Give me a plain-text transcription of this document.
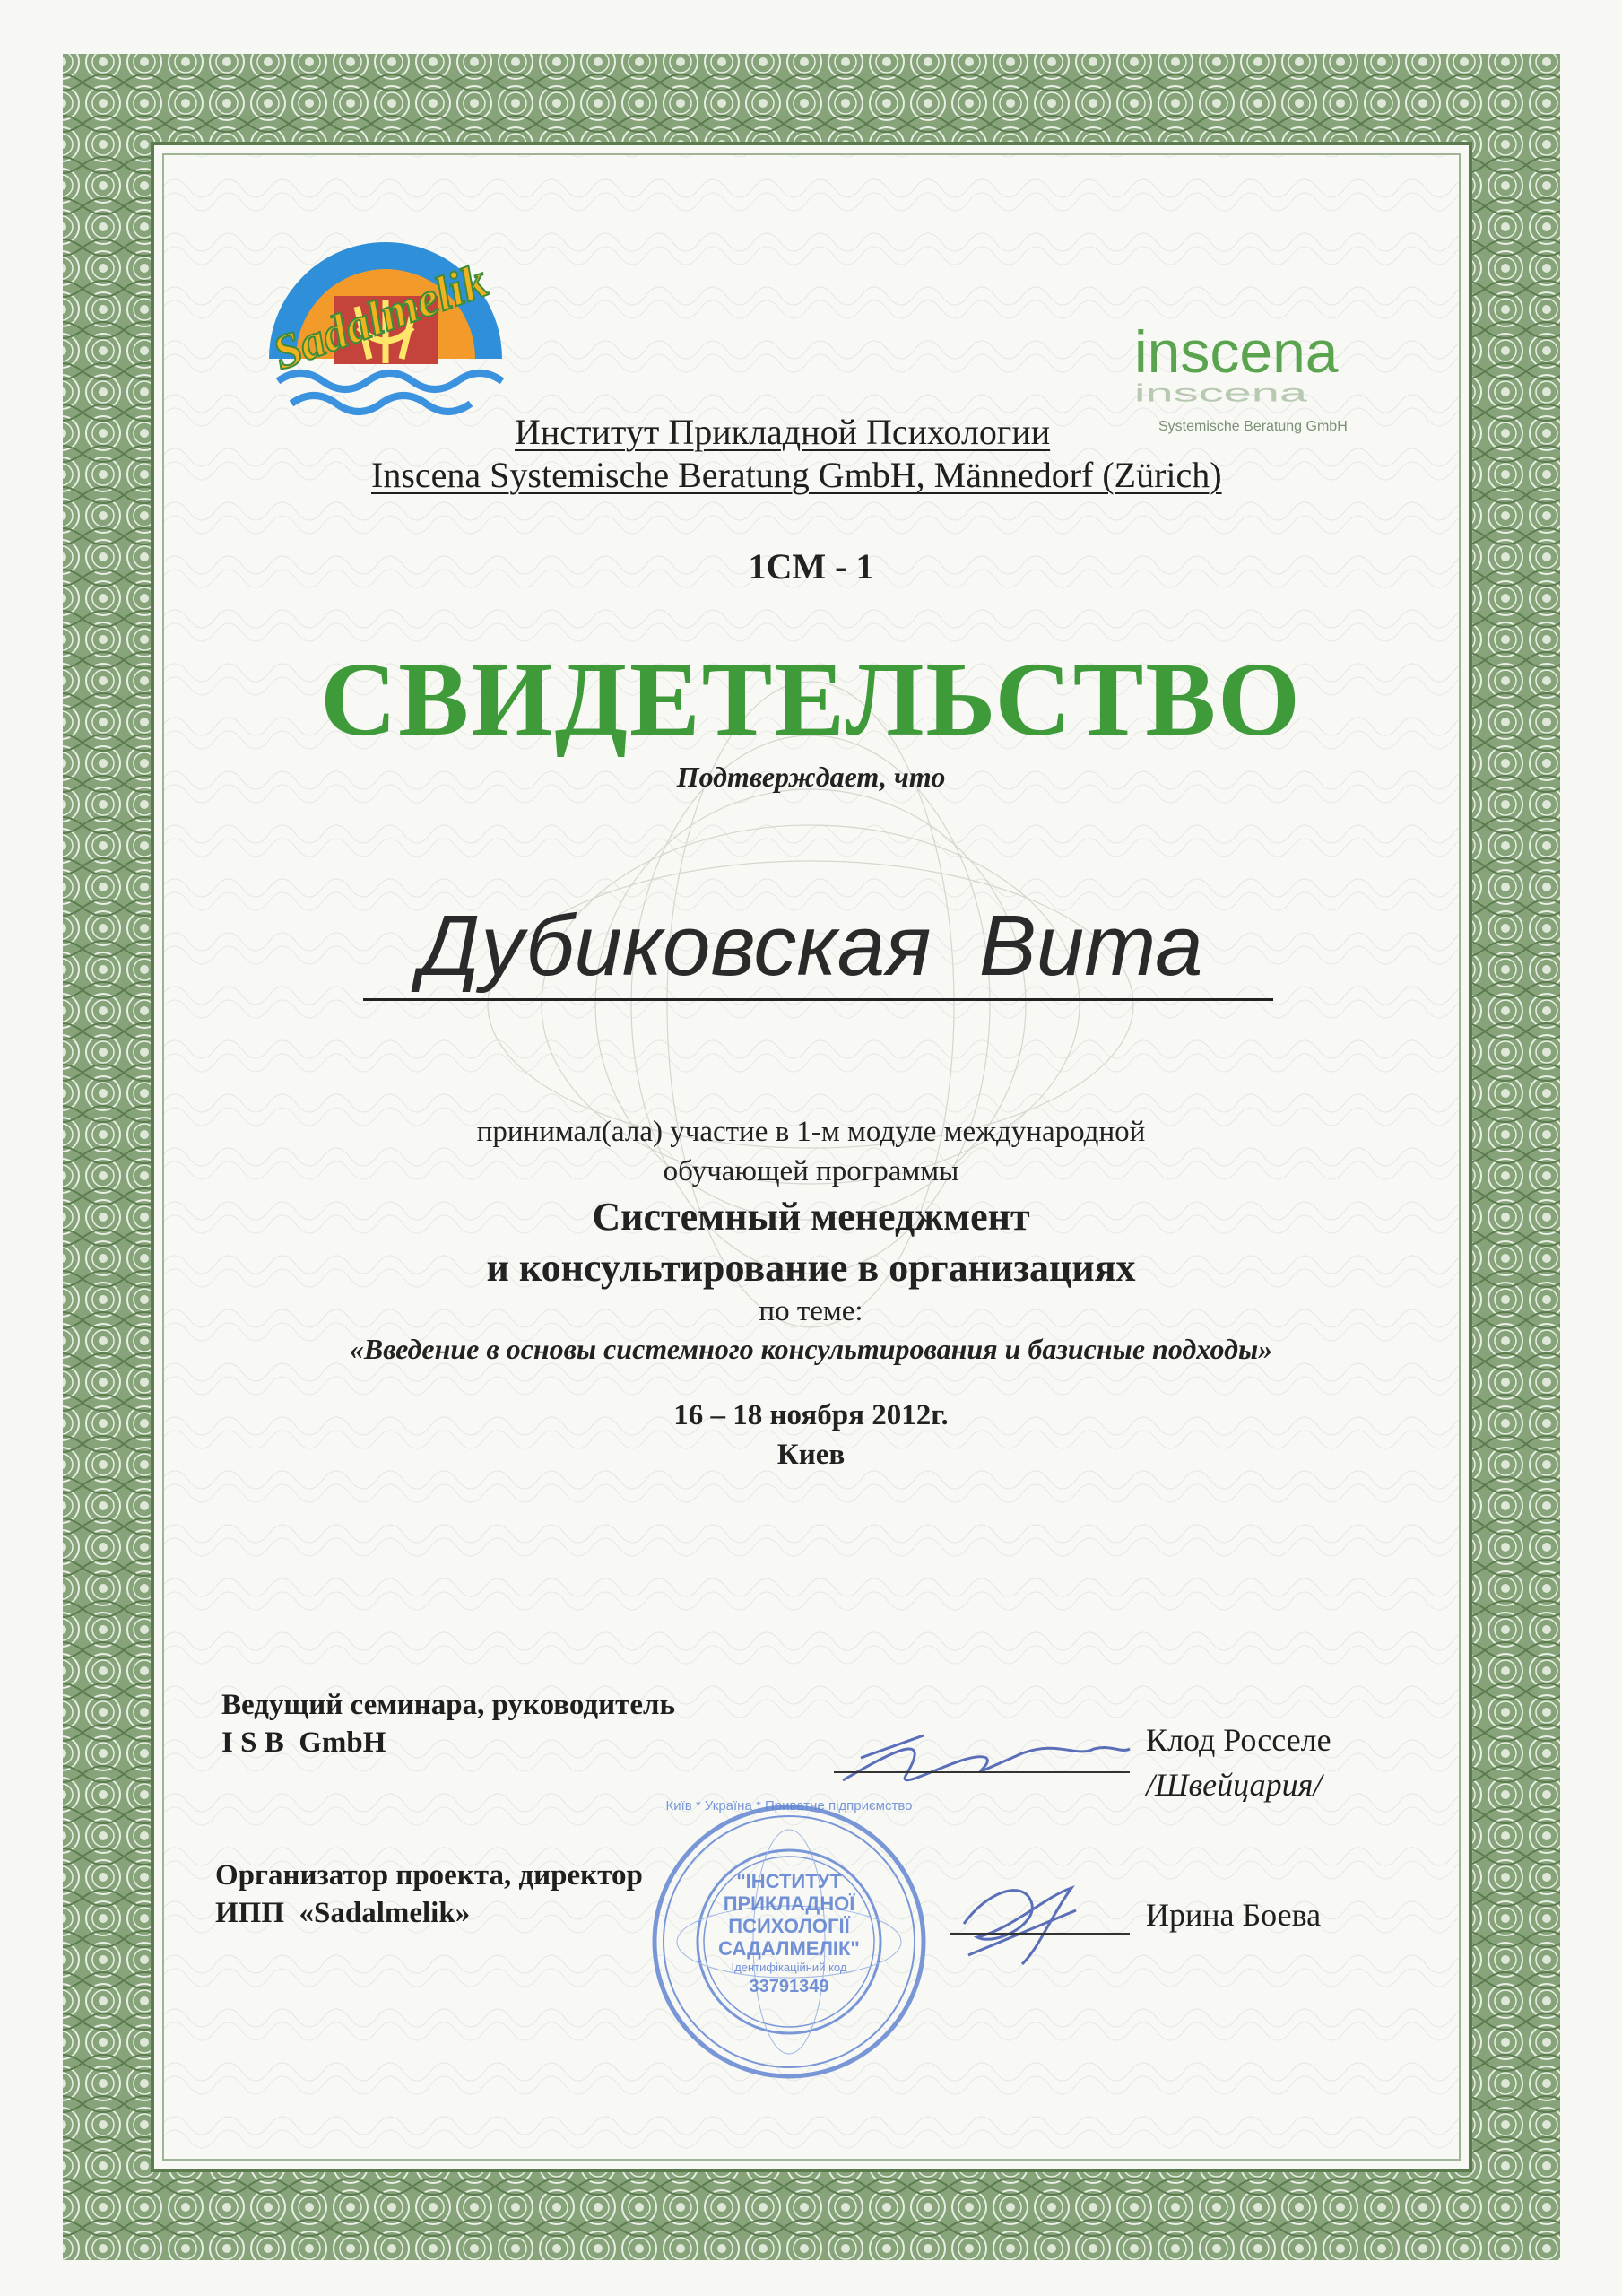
Sadalmelik	inscena
inscena
Systemische Beratung GmbH
Институт Прикладной Психологии
Inscena Systemische Beratung GmbH, Männedorf (Zürich)
1СМ - 1
СВИДЕТЕЛЬСТВО
Подтверждает, что
Дубиковская  Вита
принимал(ала) участие в 1-м модуле международной
обучающей программы
Системный менеджмент
и консультирование в организациях
по теме:
«Введение в основы системного консультирования и базисные подходы»
16 – 18 ноября 2012г.
Киев
Ведущий семинара, руководитель
I S B  GmbH	Клод Росселе
/Швейцария/
Организатор проекта, директор
ИПП  «Sadalmelik»	Ирина Боева
"ІНСТИТУТ
ПРИКЛАДНОЇ
ПСИХОЛОГІЇ
САДАЛМЕЛІК"
Ідентифікаційний код
33791349
Київ * Україна * Приватне підприємство
